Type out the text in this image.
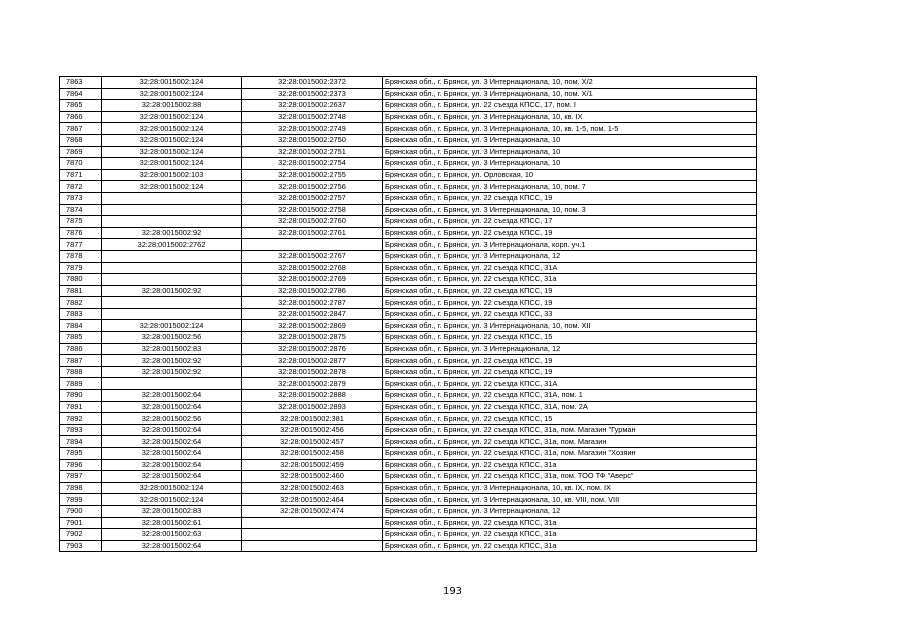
7863	32:28:0015002:124	32:28:0015002:2372	Брянская обл., г. Брянск, ул. 3 Интернационала, 10, пом. Х/2
7864	32:28:0015002:124	32:28:0015002:2373	Брянская обл., г. Брянск, ул. 3 Интернационала, 10, пом. Х/1
7865	32:28:0015002:88	32:28:0015002:2637	Брянская обл., г. Брянск, ул. 22 съезда КПСС, 17, пом. I
7866	32:28:0015002:124	32:28:0015002:2748	Брянская обл., г. Брянск, ул. 3 Интернационала, 10, кв. IX
7867	32:28:0015002:124	32:28:0015002:2749	Брянская обл., г. Брянск, ул. 3 Интернационала, 10, кв. 1-5, пом. 1-5
7868	32:28:0015002:124	32:28:0015002:2750	Брянская обл., г. Брянск, ул. 3 Интернационала, 10
7869	32:28:0015002:124	32:28:0015002:2751	Брянская обл., г. Брянск, ул. 3 Интернационала, 10
7870	32:28:0015002:124	32:28:0015002:2754	Брянская обл., г. Брянск, ул. 3 Интернационала, 10
7871	32:28:0015002:103	32:28:0015002:2755	Брянская обл., г. Брянск, ул. Орловская, 10
7872	32:28:0015002:124	32:28:0015002:2756	Брянская обл., г. Брянск, ул. 3 Интернационала, 10, пом. 7
7873		32:28:0015002:2757	Брянская обл., г. Брянск, ул. 22 съезда КПСС, 19
7874		32:28:0015002:2758	Брянская обл., г. Брянск, ул. 3 Интернационала, 10, пом. 3
7875		32:28:0015002:2760	Брянская обл., г. Брянск, ул. 22 съезда КПСС, 17
7876	32:28:0015002:92	32:28:0015002:2761	Брянская обл., г. Брянск, ул. 22 съезда КПСС, 19
7877	32:28:0015002:2762		Брянская обл., г. Брянск, ул. 3 Интернационала, корп. уч.1
7878		32:28:0015002:2767	Брянская обл., г. Брянск, ул. 3 Интернационала, 12
7879		32:28:0015002:2768	Брянская обл., г. Брянск, ул. 22 съезда КПСС, 31А
7880		32:28:0015002:2769	Брянская обл., г. Брянск, ул. 22 съезда КПСС, 31а
7881	32:28:0015002:92	32:28:0015002:2786	Брянская обл., г. Брянск, ул. 22 съезда КПСС, 19
7882		32:28:0015002:2787	Брянская обл., г. Брянск, ул. 22 съезда КПСС, 19
7883		32:28:0015002:2847	Брянская обл., г. Брянск, ул. 22 съезда КПСС, 33
7884	32:28:0015002:124	32:28:0015002:2869	Брянская обл., г. Брянск, ул. 3 Интернационала, 10, пом. XII
7885	32:28:0015002:56	32:28:0015002:2875	Брянская обл., г. Брянск, ул. 22 съезда КПСС, 15
7886	32:28:0015002:83	32:28:0015002:2876	Брянская обл., г. Брянск, ул. 3 Интернационала, 12
7887	32:28:0015002:92	32:28:0015002:2877	Брянская обл., г. Брянск, ул. 22 съезда КПСС, 19
7888	32:28:0015002:92	32:28:0015002:2878	Брянская обл., г. Брянск, ул. 22 съезда КПСС, 19
7889		32:28:0015002:2879	Брянская обл., г. Брянск, ул. 22 съезда КПСС, 31А
7890	32:28:0015002:64	32:28:0015002:2888	Брянская обл., г. Брянск, ул. 22 съезда КПСС, 31А, пом. 1
7891	32:28:0015002:64	32:28:0015002:2893	Брянская обл., г. Брянск, ул. 22 съезда КПСС, 31А, пом. 2А
7892	32:28:0015002:56	32:28:0015002:381	Брянская обл., г. Брянск, ул. 22 съезда КПСС, 15
7893	32:28:0015002:64	32:28:0015002:456	Брянская обл., г. Брянск, ул. 22 съезда КПСС, 31а, пом. Магазин "Гурман
7894	32:28:0015002:64	32:28:0015002:457	Брянская обл., г. Брянск, ул. 22 съезда КПСС, 31а, пом. Магазин
7895	32:28:0015002:64	32:28:0015002:458	Брянская обл., г. Брянск, ул. 22 съезда КПСС, 31а, пом. Магазин "Хозяин
7896	32:28:0015002:64	32:28:0015002:459	Брянская обл., г. Брянск, ул. 22 съезда КПСС, 31а
7897	32:28:0015002:64	32:28:0015002:460	Брянская обл., г. Брянск, ул. 22 съезда КПСС, 31а, пом. ТОО ТФ "Аверс"
7898	32:28:0015002:124	32:28:0015002:463	Брянская обл., г. Брянск, ул. 3 Интернационала, 10, кв. IX, пом. IX
7899	32:28:0015002:124	32:28:0015002:464	Брянская обл., г. Брянск, ул. 3 Интернационала, 10, кв. VIII, пом. VIII
7900	32:28:0015002:83	32:28:0015002:474	Брянская обл., г. Брянск, ул. 3 Интернационала, 12
7901	32:28:0015002:61		Брянская обл., г. Брянск, ул. 22 съезда КПСС, 31а
7902	32:28:0015002:63		Брянская обл., г. Брянск, ул. 22 съезда КПСС, 31а
7903	32:28:0015002:64		Брянская обл., г. Брянск, ул. 22 съезда КПСС, 31а
193
